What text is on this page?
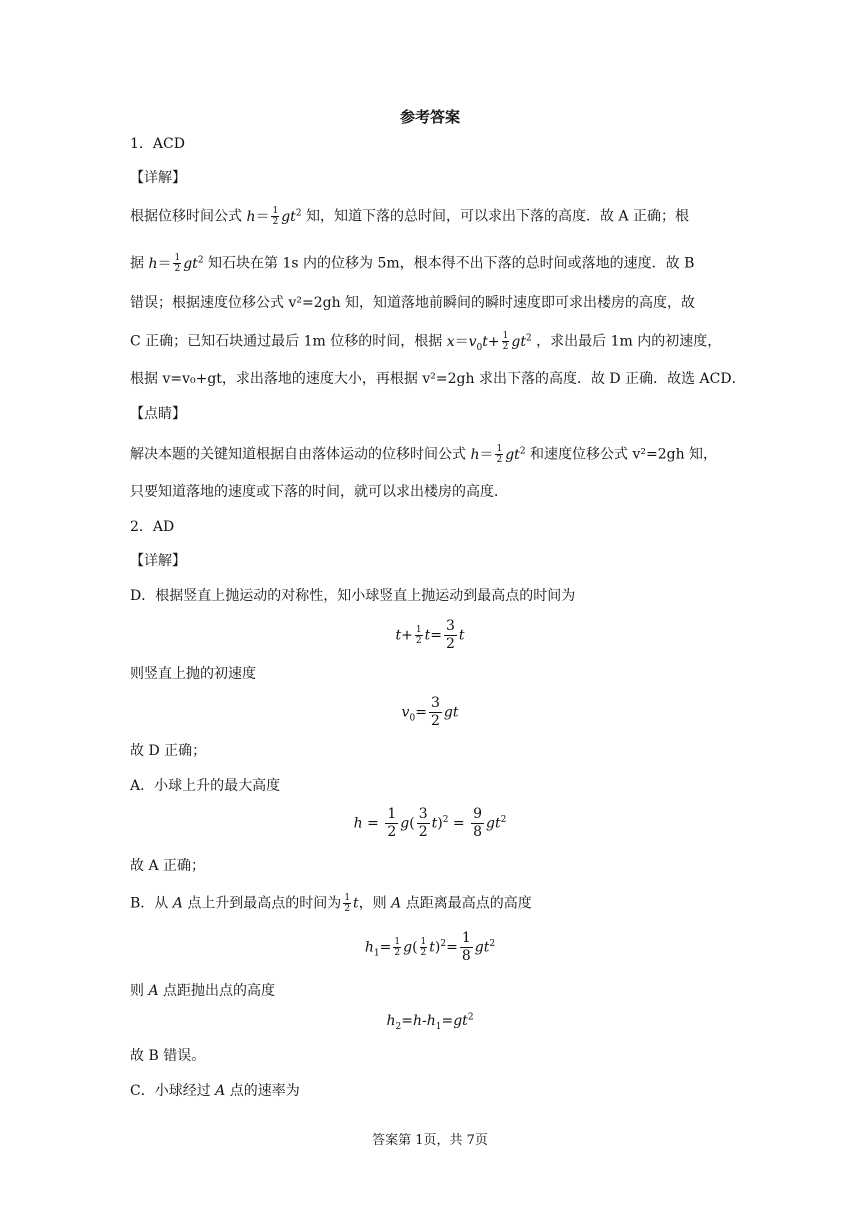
参考答案
1．ACD
【详解】
根据位移时间公式 $h= \frac{1}{2} gt^2$ 知，知道下落的总时间，可以求出下落的高度．故 A 正确；根
据 $h= \frac{1}{2} gt^2$ 知石块在第 1s 内的位移为 5m，根本得不出下落的总时间或落地的速度．故 B
错误；根据速度位移公式 v²=2gh 知，知道落地前瞬间的瞬时速度即可求出楼房的高度，故
C 正确；已知石块通过最后 1m 位移的时间，根据 $x=v_0t+ \frac{1}{2} gt^2$ ，求出最后 1m 内的初速度，
根据 v=v₀+gt，求出落地的速度大小，再根据 v²=2gh 求出下落的高度．故 D 正确．故选 ACD．
【点睛】
解决本题的关键知道根据自由落体运动的位移时间公式 $h= \frac{1}{2} gt^2$ 和速度位移公式 v²=2gh 知，
只要知道落地的速度或下落的时间，就可以求出楼房的高度．
2．AD
【详解】
D．根据竖直上抛运动的对称性，知小球竖直上抛运动到最高点的时间为
$t+ \frac{1}{2} t= \frac{3}{2}$ t
则竖直上抛的初速度
$v_0= \frac{3}{2}$ gt
故 D 正确；
A．小球上升的最大高度
$h = \frac{1}{2} g( \frac{3}{2} t)^2 = \frac{9}{8} gt^2$
故 A 正确；
B．从 A 点上升到最高点的时间为 $\frac{1}{2}$ t，则 A 点距离最高点的高度
$h_1= \frac{1}{2} g( \frac{1}{2} t)^2= \frac{1}{8} gt^2$
则 A 点距抛出点的高度
$h_2=h-h_1=gt^2$
故 B 错误。
C．小球经过 A 点的速率为
答案第 1页，共 7页
